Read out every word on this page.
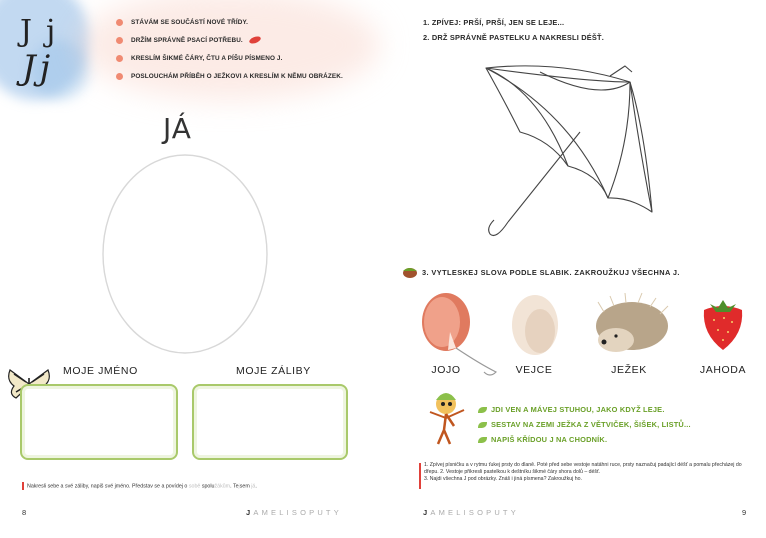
J j
Jj
STÁVÁM SE SOUČÁSTÍ NOVÉ TŘÍDY.
DRŽÍM SPRÁVNĚ PSACÍ POTŘEBU.
KRESLÍM ŠIKMÉ ČÁRY, ČTU A PÍŠU PÍSMENO J.
POSLOUCHÁM PŘÍBĚH O JEŽKOVI A KRESLÍM K NĚMU OBRÁZEK.
JÁ
MOJE JMÉNO	MOJE ZÁLIBY
Nakresli sebe a své záliby, napiš své jméno. Představ se a povídej o sobě spolužákům. Tejsem já.
8	JAMELISOPUTY
1. ZPÍVEJ: PRŠÍ, PRŠÍ, JEN SE LEJE...
2. DRŽ SPRÁVNĚ PASTELKU A NAKRESLI DÉŠŤ.
3. VYTLESKEJ SLOVA PODLE SLABIK. ZAKROUŽKUJ VŠECHNA J.
JOJO	VEJCE	JEŽEK	JAHODA
JDI VEN A MÁVEJ STUHOU, JAKO KDYŽ LEJE.
SESTAV NA ZEMI JEŽKA Z VĚTVIČEK, ŠIŠEK, LISTŮ...
NAPIŠ KŘÍDOU J NA CHODNÍK.
1. Zpívej písničku a v rytmu ťukej prsty do dlaně. Poté před sebe vestoje natáhni ruce, prsty naznačuj padající déšť a pomalu přecházej do dřepu. 2. Vestoje přikresli pastelkou k deštníku šikmé čáry shora dolů – déšť.
3. Najdi všechna J pod obrázky. Znáš i jiná písmena? Zakroužkuj ho.
JAMELISOPUTY	9
